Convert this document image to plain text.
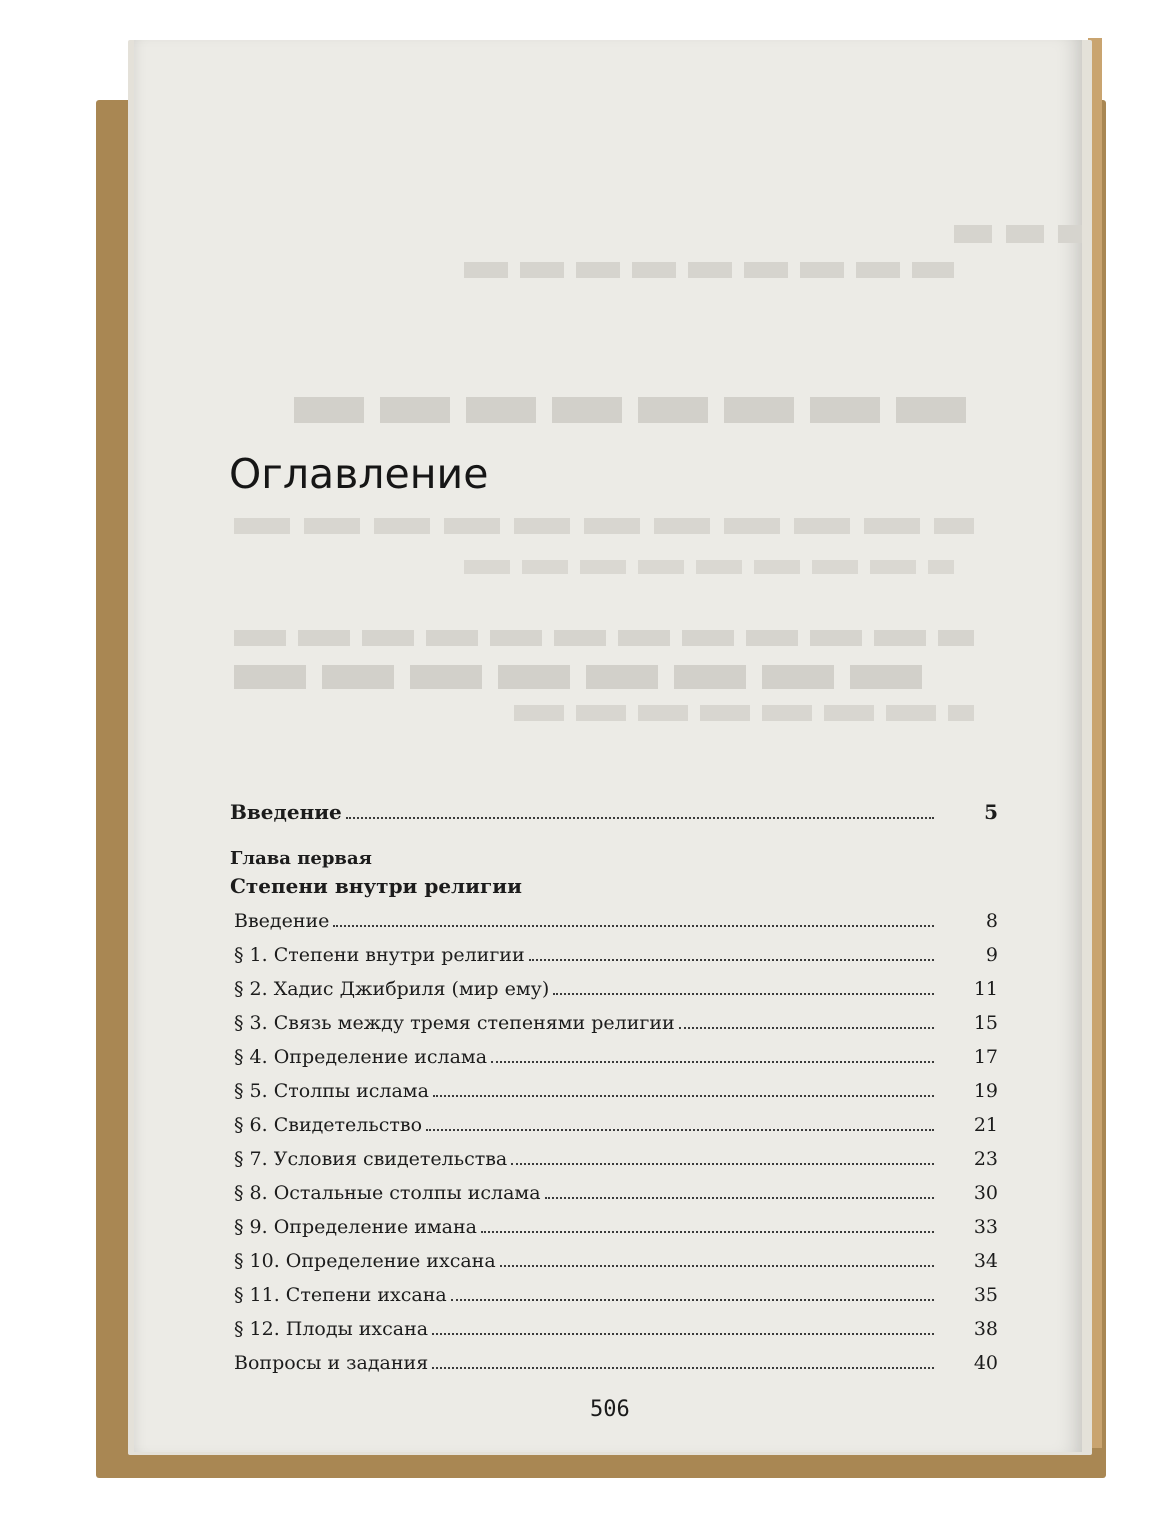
Оглавление
Введение	5
Глава первая
Степени внутри религии
Введение	8
§ 1. Степени внутри религии	9
§ 2. Хадис Джибриля (мир ему)	11
§ 3. Связь между тремя степенями религии	15
§ 4. Определение ислама	17
§ 5. Столпы ислама	19
§ 6. Свидетельство	21
§ 7. Условия свидетельства	23
§ 8. Остальные столпы ислама	30
§ 9. Определение имана	33
§ 10. Определение ихсана	34
§ 11. Степени ихсана	35
§ 12. Плоды ихсана	38
Вопросы и задания	40
506
